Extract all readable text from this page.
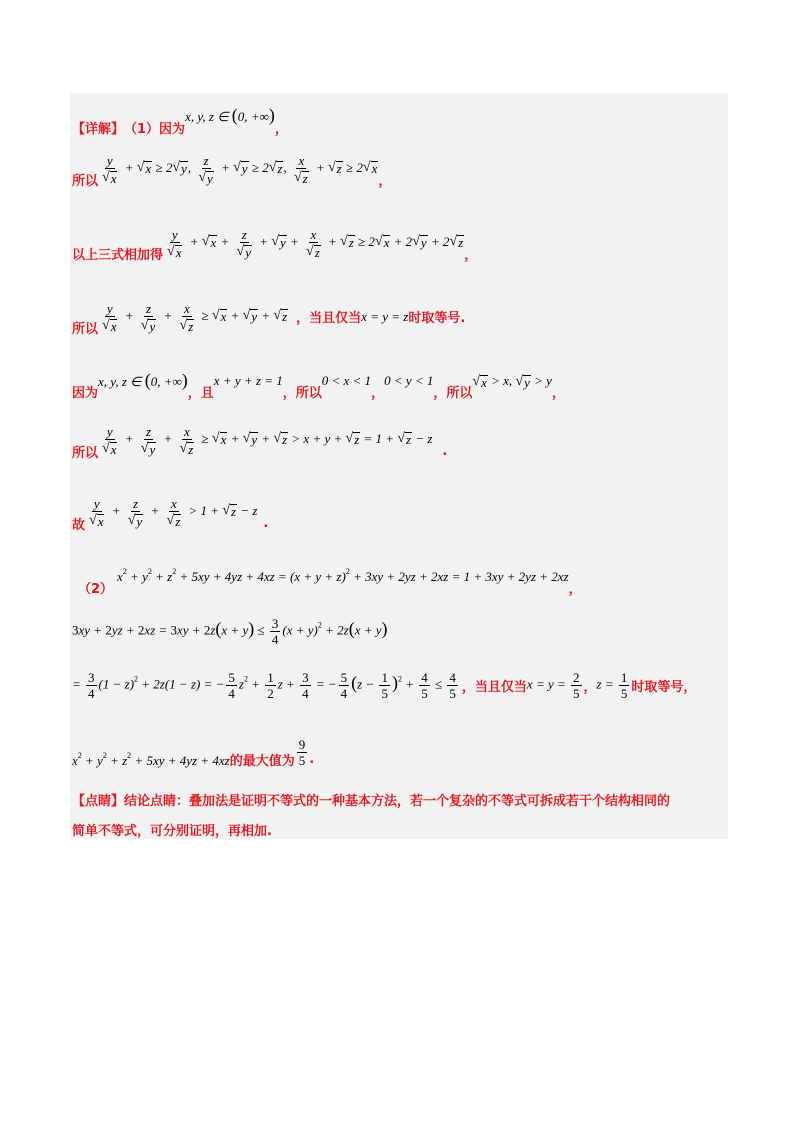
【详解】 （1）因为
x, y, z ∈ (0, +∞)
，
所以 $\frac{y}{√ x}$ + √ x ≥ 2 √ y , $\frac{z}{√ y}$ + √ y ≥ 2 √ z , $\frac{x}{√ z}$ + √ z ≥ 2 √ x
，
以上三式相加得 $\frac{y}{√ x}$ + √ $x + \frac{z}{√ y}$ + √ $y + \frac{x}{√ z}$ + √ z ≥ 2 √ x + 2 √ y + 2 √ z
，
所以 $\frac{y}{√ x} + \frac{z}{√ y} + \frac{x}{√ z}$ ≥ √ x + √ y + √ z ，当且仅当 x = y = z 时取等号.
因为
x, y, z ∈ (0, +∞)
，且
x + y + z = 1
，所以
0 < x < 1
，
0 < y < 1
，所以
√ x > x, √ y > y
，
所以 $\frac{y}{√ x} + \frac{z}{√ y} + \frac{x}{√ z}$ ≥ √ x + √ y + √ z > x + y + √ z = 1 + √ z − z
.
故 $\frac{y}{√ x} + \frac{z}{√ y} + \frac{x}{√ z} > 1$ + √ z − z
.
（2）
$x^2 + y^2 + z^2 + 5xy + 4yz + 4xz = (x + y + z)^2 + 3xy + 2yz + 2xz = 1 + 3xy + 2yz + 2xz$
，
$3xy + 2yz + 2xz = 3xy + 2z(x + y) \le \frac{3}{4} (x + y)^2 + 2z(x + y)$
= $\frac{3}{4} (1 - z)^2 + 2z(1 - z)$ = − $\frac{5}{4} z^2 + \frac{1}{2}$ $z + \frac{3}{4}$ = − $\frac{5}{4} (z - \frac{1}{5} )^2 + \frac{4}{5} \le \frac{4}{5}$ ，当且仅当 $x = y = \frac{2}{5}$ ， $z = \frac{1}{5}$ 时取等号，
$x^2 + y^2 + z^2 + 5xy + 4yz + 4xz$ 的最大值为 $\frac{9}{5}$ .
【点睛】 结论点睛：叠加法是证明不等式的一种基本方法，若一个复杂的不等式可拆成若干个结构相同的
简单不等式，可分别证明，再相加.
